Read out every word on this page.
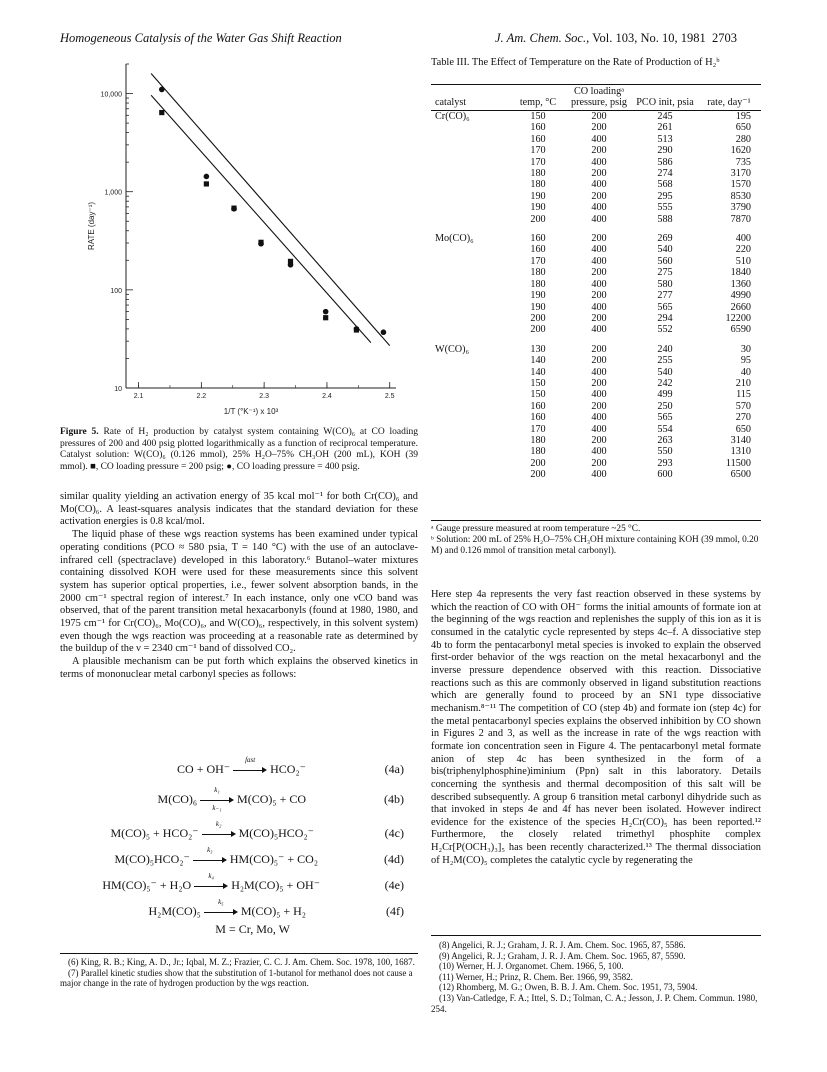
Homogeneous Catalysis of the Water Gas Shift Reaction	J. Am. Chem. Soc., Vol. 103, No. 10, 1981 2703
10
100
1,000
10,000
2.1	2.2	2.3	2.4	2.5
1/T (°K⁻¹) x 10³
RATE (day⁻¹)
Figure 5. Rate of H₂ production by catalyst system containing W(CO)₆ at CO loading pressures of 200 and 400 psig plotted logarithmically as a function of reciprocal temperature. Catalyst solution: W(CO)₆ (0.126 mmol), 25% H₂O–75% CH₃OH (200 mL), KOH (39 mmol). ■, CO loading pressure = 200 psig; ●, CO loading pressure = 400 psig.

similar quality yielding an activation energy of 35 kcal mol⁻¹ for both Cr(CO)₆ and Mo(CO)₆. A least-squares analysis indicates that the standard deviation for these activation energies is 0.8 kcal/mol.

The liquid phase of these wgs reaction systems has been examined under typical operating conditions (PCO ≈ 580 psia, T = 140 °C) with the use of an autoclave-infrared cell (spectraclave) developed in this laboratory.⁶ Butanol–water mixtures containing dissolved KOH were used for these measurements since this solvent system has superior optical properties, i.e., fewer solvent absorption bands, in the 2000 cm⁻¹ spectral region of interest.⁷ In each instance, only one νCO band was observed, that of the parent transition metal hexacarbonyls (found at 1980, 1980, and 1975 cm⁻¹ for Cr(CO)₆, Mo(CO)₆, and W(CO)₆, respectively, in this solvent system) even though the wgs reaction was proceeding at a reasonable rate as determined by the buildup of the ν = 2340 cm⁻¹ band of dissolved CO₂.

A plausible mechanism can be put forth which explains the observed kinetics in terms of mononuclear metal carbonyl species as follows:

CO + OH⁻
fast
HCO₂⁻	(4a)
M(CO)₆
k₁
k₋₁
M(CO)₅ + CO	(4b)
M(CO)₅ + HCO₂⁻
k₂
M(CO)₅HCO₂⁻	(4c)
M(CO)₅HCO₂⁻
k₃
HM(CO)₅⁻ + CO₂	(4d)
HM(CO)₅⁻ + H₂O
k₄
H₂M(CO)₅ + OH⁻	(4e)
H₂M(CO)₅
k₅
M(CO)₅ + H₂	(4f)
M = Cr, Mo, W

(6) King, R. B.; King, A. D., Jr.; Iqbal, M. Z.; Frazier, C. C. J. Am. Chem. Soc. 1978, 100, 1687.

(7) Parallel kinetic studies show that the substitution of 1-butanol for methanol does not cause a major change in the rate of hydrogen production by the wgs reaction.

Table III. The Effect of Temperature on the Rate of Production of H₂ᵇ
catalyst	temp, °C	CO loadingᵃ pressure, psig	PCO init, psia	rate, day⁻¹
Cr(CO)₆	150	200	245	195
	160	200	261	650
	160	400	513	280
	170	200	290	1620
	170	400	586	735
	180	200	274	3170
	180	400	568	1570
	190	200	295	8530
	190	400	555	3790
	200	400	588	7870
Mo(CO)₆	160	200	269	400
	160	400	540	220
	170	400	560	510
	180	200	275	1840
	180	400	580	1360
	190	200	277	4990
	190	400	565	2660
	200	200	294	12200
	200	400	552	6590
W(CO)₆	130	200	240	30
	140	200	255	95
	140	400	540	40
	150	200	242	210
	150	400	499	115
	160	200	250	570
	160	400	565	270
	170	400	554	650
	180	200	263	3140
	180	400	550	1310
	200	200	293	11500
	200	400	600	6500

ᵃ Gauge pressure measured at room temperature ~25 °C.

ᵇ Solution: 200 mL of 25% H₂O–75% CH₃OH mixture containing KOH (39 mmol, 0.20 M) and 0.126 mmol of transition metal carbonyl).

Here step 4a represents the very fast reaction observed in these systems by which the reaction of CO with OH⁻ forms the initial amounts of formate ion at the beginning of the wgs reaction and replenishes the supply of this ion as it is consumed in the catalytic cycle represented by steps 4c–f. A dissociative step 4b to form the pentacarbonyl metal species is invoked to explain the observed first-order behavior of the wgs reaction on the metal hexacarbonyl and the inverse pressure dependence observed with this reaction. Dissociative reactions such as this are commonly observed in ligand substitution reactions which are generally found to proceed by an SN1 type dissociative mechanism.⁸⁻¹¹ The competition of CO (step 4b) and formate ion (step 4c) for the metal pentacarbonyl species explains the observed inhibition by CO shown in Figures 2 and 3, as well as the increase in rate of the wgs reaction with formate ion concentration seen in Figure 4. The pentacarbonyl metal formate anion of step 4c has been synthesized in the form of a bis(triphenylphosphine)iminium (Ppn) salt in this laboratory. Details concerning the synthesis and thermal decomposition of this salt will be described subsequently. A group 6 transition metal carbonyl dihydride such as that invoked in steps 4e and 4f has never been isolated. However indirect evidence for the existence of the species H₂Cr(CO)₅ has been reported.¹² Furthermore, the closely related trimethyl phosphite complex H₂Cr[P(OCH₃)₃]₅ has been recently characterized.¹³ The thermal dissociation of H₂M(CO)₅ completes the catalytic cycle by regenerating the

(8) Angelici, R. J.; Graham, J. R. J. Am. Chem. Soc. 1965, 87, 5586.

(9) Angelici, R. J.; Graham, J. R. J. Am. Chem. Soc. 1965, 87, 5590.

(10) Werner, H. J. Organomet. Chem. 1966, 5, 100.

(11) Werner, H.; Prinz, R. Chem. Ber. 1966, 99, 3582.

(12) Rhomberg, M. G.; Owen, B. B. J. Am. Chem. Soc. 1951, 73, 5904.

(13) Van-Catledge, F. A.; Ittel, S. D.; Tolman, C. A.; Jesson, J. P. Chem. Commun. 1980, 254.
